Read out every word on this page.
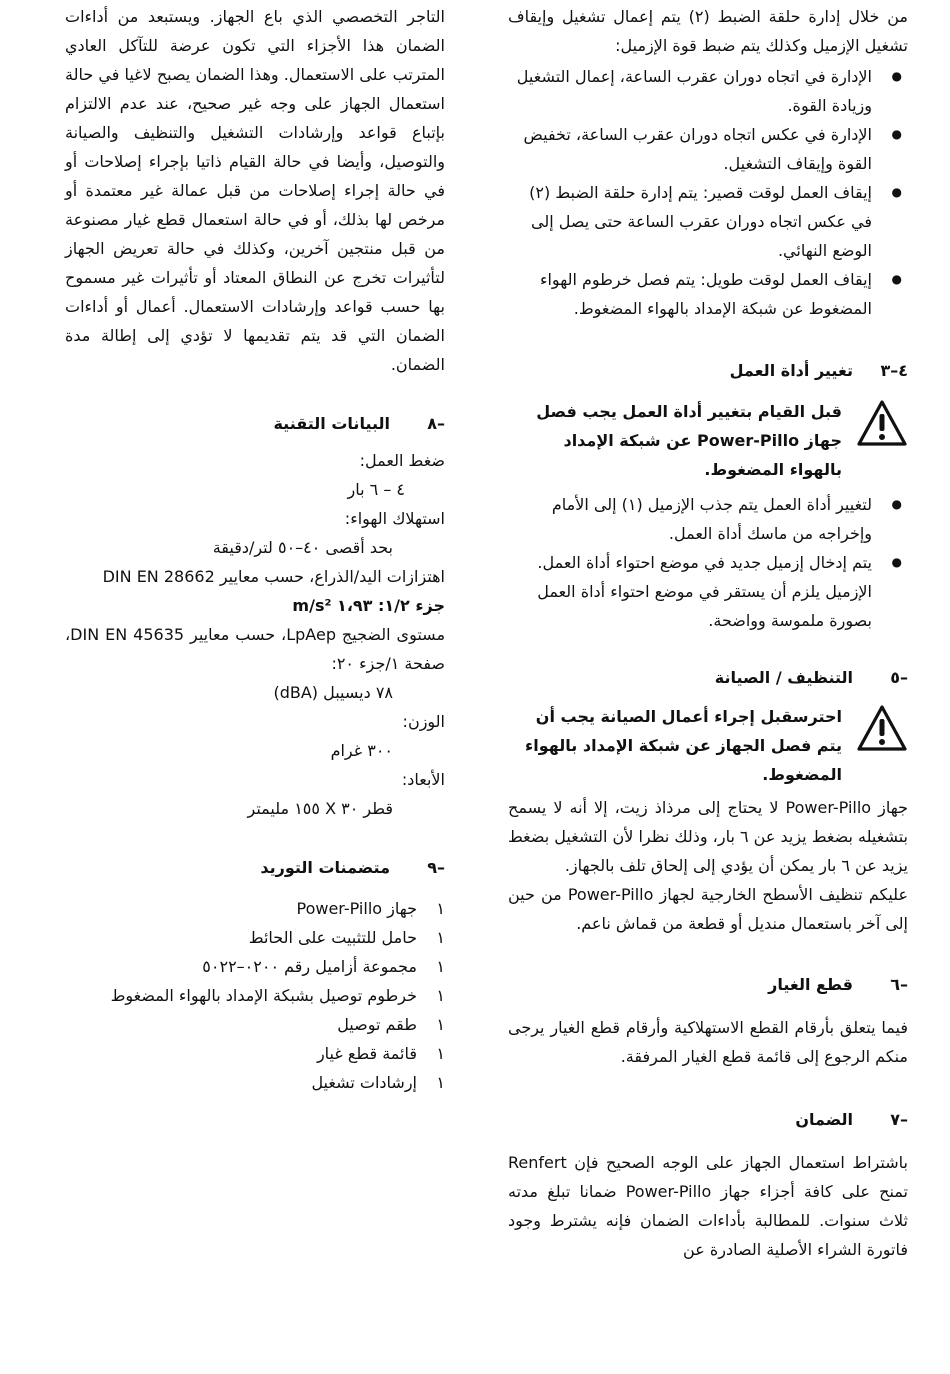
من خلال إدارة حلقة الضبط (٢) يتم إعمال تشغيل وإيقاف تشغيل الإزميل وكذلك يتم ضبط قوة الإزميل:

●
الإدارة في اتجاه دوران عقرب الساعة، إعمال التشغيل وزيادة القوة.
●
الإدارة في عكس اتجاه دوران عقرب الساعة، تخفيض القوة وإيقاف التشغيل.
●
إيقاف العمل لوقت قصير: يتم إدارة حلقة الضبط (٢) في عكس اتجاه دوران عقرب الساعة حتى يصل إلى الوضع النهائي.
●
إيقاف العمل لوقت طويل: يتم فصل خرطوم الهواء المضغوط عن شبكة الإمداد بالهواء المضغوط.
٤–٣
تغيير أداة العمل

قبل القيام بتغيير أداة العمل يجب فصل جهاز Power-Pillo عن شبكة الإمداد بالهواء المضغوط.

●
لتغيير أداة العمل يتم جذب الإزميل (١) إلى الأمام وإخراجه من ماسك أداة العمل.
●
يتم إدخال إزميل جديد في موضع احتواء أداة العمل. الإزميل يلزم أن يستقر في موضع احتواء أداة العمل بصورة ملموسة وواضحة.
–٥
التنظيف / الصيانة

احترسقبل إجراء أعمال الصيانة يجب أن يتم فصل الجهاز عن شبكة الإمداد بالهواء المضغوط.

جهاز Power-Pillo لا يحتاج إلى مرذاذ زيت، إلا أنه لا يسمح بتشغيله بضغط يزيد عن ٦ بار، وذلك نظرا لأن التشغيل بضغط يزيد عن ٦ بار يمكن أن يؤدي إلى إلحاق تلف بالجهاز.

عليكم تنظيف الأسطح الخارجية لجهاز Power-Pillo من حين إلى آخر باستعمال منديل أو قطعة من قماش ناعم.

–٦
قطع الغيار

فيما يتعلق بأرقام القطع الاستهلاكية وأرقام قطع الغيار يرجى منكم الرجوع إلى قائمة قطع الغيار المرفقة.

–٧
الضمان

باشتراط استعمال الجهاز على الوجه الصحيح فإن Renfert تمنح على كافة أجزاء جهاز Power-Pillo ضمانا تبلغ مدته ثلاث سنوات. للمطالبة بأداءات الضمان فإنه يشترط وجود فاتورة الشراء الأصلية الصادرة عن

التاجر التخصصي الذي باع الجهاز. ويستبعد من أداءات الضمان هذا الأجزاء التي تكون عرضة للتآكل العادي المترتب على الاستعمال. وهذا الضمان يصبح لاغيا في حالة استعمال الجهاز على وجه غير صحيح، عند عدم الالتزام بإتباع قواعد وإرشادات التشغيل والتنظيف والصيانة والتوصيل، وأيضا في حالة القيام ذاتيا بإجراء إصلاحات أو في حالة إجراء إصلاحات من قبل عمالة غير معتمدة أو مرخص لها بذلك، أو في حالة استعمال قطع غيار مصنوعة من قبل منتجين آخرين، وكذلك في حالة تعريض الجهاز لتأثيرات تخرج عن النطاق المعتاد أو تأثيرات غير مسموح بها حسب قواعد وإرشادات الاستعمال. أعمال أو أداءات الضمان التي قد يتم تقديمها لا تؤدي إلى إطالة مدة الضمان.

–٨
البيانات التقنية
ضغط العمل:
٤ – ٦ بار
استهلاك الهواء:
بحد أقصى ٤٠–٥٠ لتر/دقيقة
اهتزازات اليد/الذراع، حسب معايير DIN EN 28662
جزء ١/٢: ١،٩٣ m/s²
مستوى الضجيج LpAep، حسب معايير DIN EN 45635، صفحة ١/جزء ٢٠:
٧٨ ديسيبل (dBA)
الوزن:
٣٠٠ غرام
الأبعاد:
قطر ٣٠ X ١٥٥ مليمتر
–٩
متضمنات التوريد
١
جهاز Power-Pillo
١
حامل للتثبيت على الحائط
١
مجموعة أزاميل رقم ٠٢٠٠–٥٠٢٢
١
خرطوم توصيل بشبكة الإمداد بالهواء المضغوط
١
طقم توصيل
١
قائمة قطع غيار
١
إرشادات تشغيل
